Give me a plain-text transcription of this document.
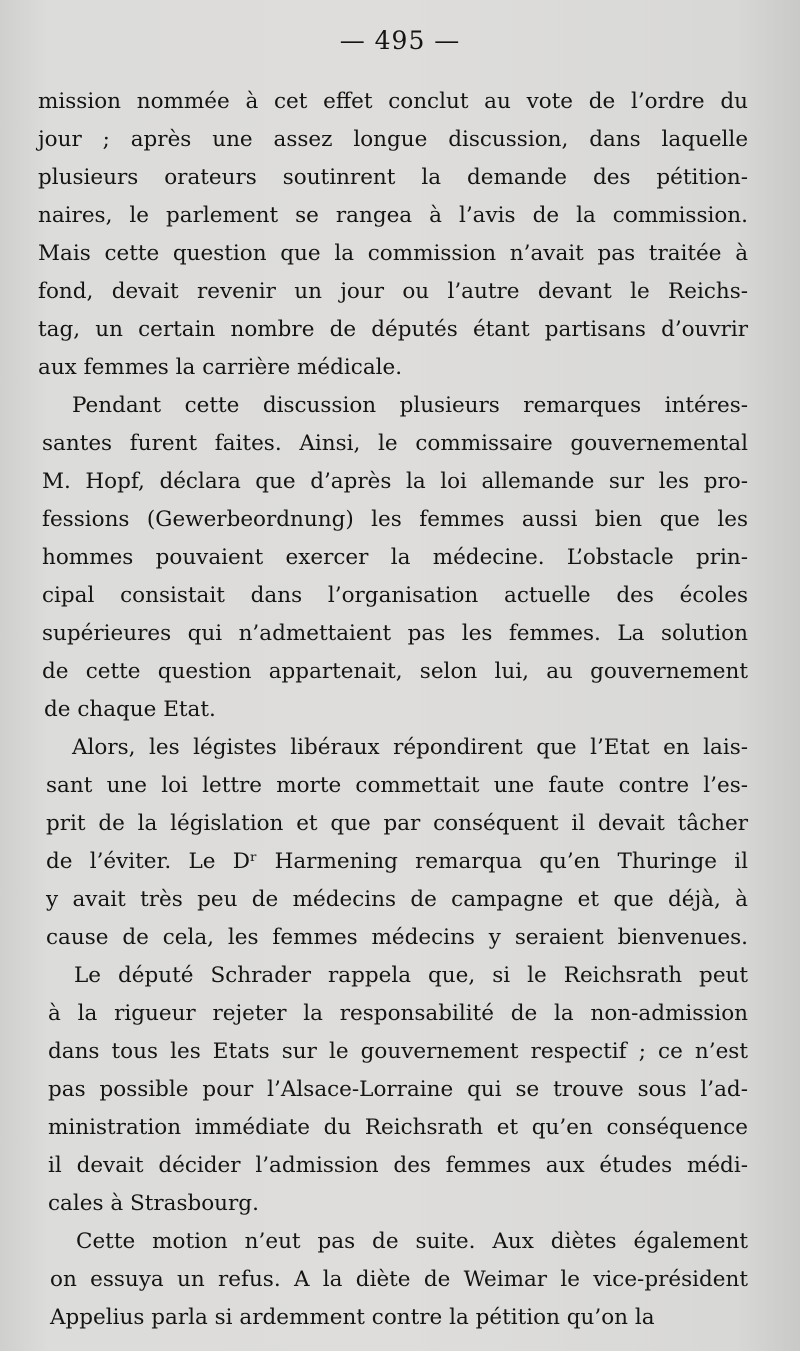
— 495 —
mission nommée à cet effet conclut au vote de l’ordre du
jour ; après une assez longue discussion, dans laquelle
plusieurs orateurs soutinrent la demande des pétition-
naires, le parlement se rangea à l’avis de la commission.
Mais cette question que la commission n’avait pas traitée à
fond, devait revenir un jour ou l’autre devant le Reichs-
tag, un certain nombre de députés étant partisans d’ouvrir
aux femmes la carrière médicale.
Pendant cette discussion plusieurs remarques intéres-
santes furent faites. Ainsi, le commissaire gouvernemental
M. Hopf, déclara que d’après la loi allemande sur les pro-
fessions (Gewerbeordnung) les femmes aussi bien que les
hommes pouvaient exercer la médecine. L’obstacle prin-
cipal consistait dans l’organisation actuelle des écoles
supérieures qui n’admettaient pas les femmes. La solution
de cette question appartenait, selon lui, au gouvernement
de chaque Etat.
Alors, les légistes libéraux répondirent que l’Etat en lais-
sant une loi lettre morte commettait une faute contre l’es-
prit de la législation et que par conséquent il devait tâcher
de l’éviter. Le Dʳ Harmening remarqua qu’en Thuringe il
y avait très peu de médecins de campagne et que déjà, à
cause de cela, les femmes médecins y seraient bienvenues.
Le député Schrader rappela que, si le Reichsrath peut
à la rigueur rejeter la responsabilité de la non-admission
dans tous les Etats sur le gouvernement respectif ; ce n’est
pas possible pour l’Alsace-Lorraine qui se trouve sous l’ad-
ministration immédiate du Reichsrath et qu’en conséquence
il devait décider l’admission des femmes aux études médi-
cales à Strasbourg.
Cette motion n’eut pas de suite. Aux diètes également
on essuya un refus. A la diète de Weimar le vice-président
Appelius parla si ardemment contre la pétition qu’on la
